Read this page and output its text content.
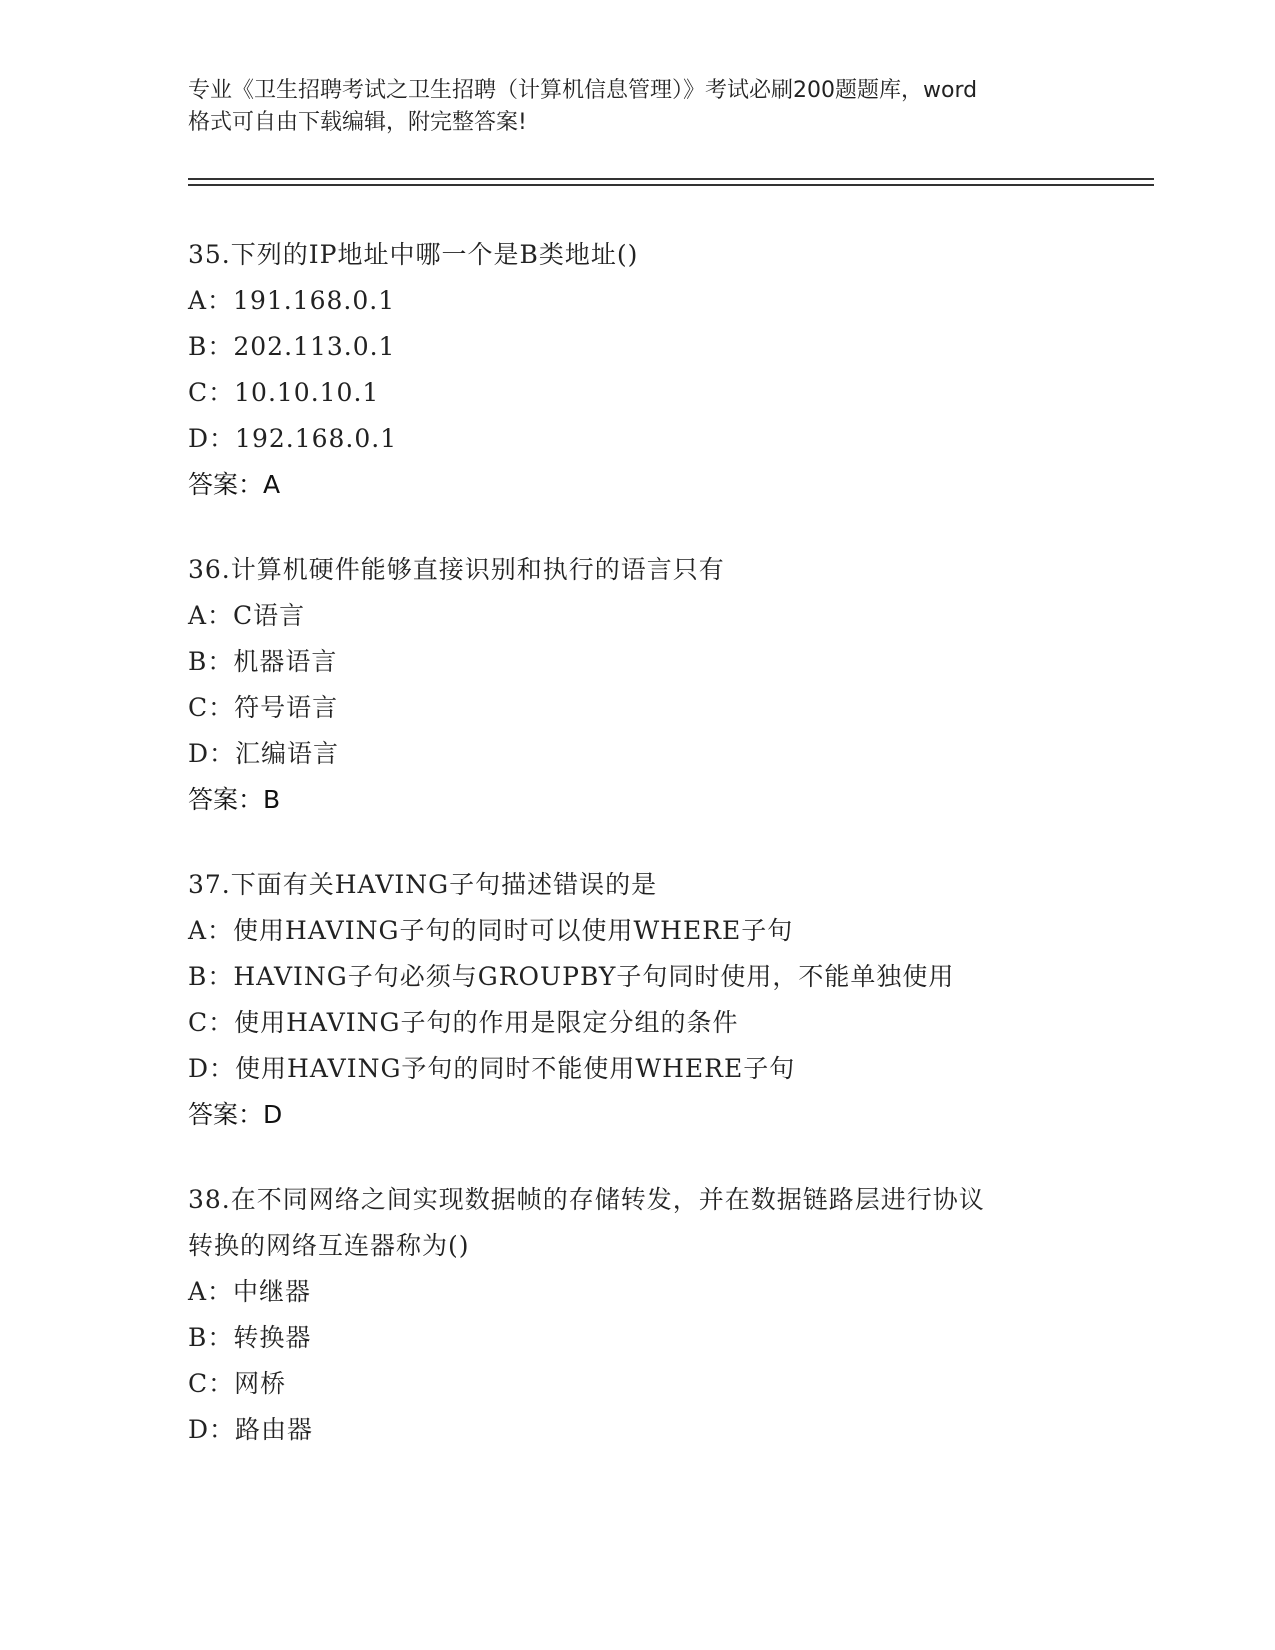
专业《卫生招聘考试之卫生招聘（计算机信息管理）》考试必刷200题题库，word
格式可自由下载编辑，附完整答案!
35.下列的IP地址中哪一个是B类地址()
A：191.168.0.1
B：202.113.0.1
C：10.10.10.1
D：192.168.0.1
答案：A
36.计算机硬件能够直接识别和执行的语言只有
A：C语言
B：机器语言
C：符号语言
D：汇编语言
答案：B
37.下面有关HAVING子句描述错误的是
A：使用HAVING子句的同时可以使用WHERE子句
B：HAVING子句必须与GROUPBY子句同时使用，不能单独使用
C：使用HAVING子句的作用是限定分组的条件
D：使用HAVING予句的同时不能使用WHERE子句
答案：D
38.在不同网络之间实现数据帧的存储转发，并在数据链路层进行协议
转换的网络互连器称为()
A：中继器
B：转换器
C：网桥
D：路由器
